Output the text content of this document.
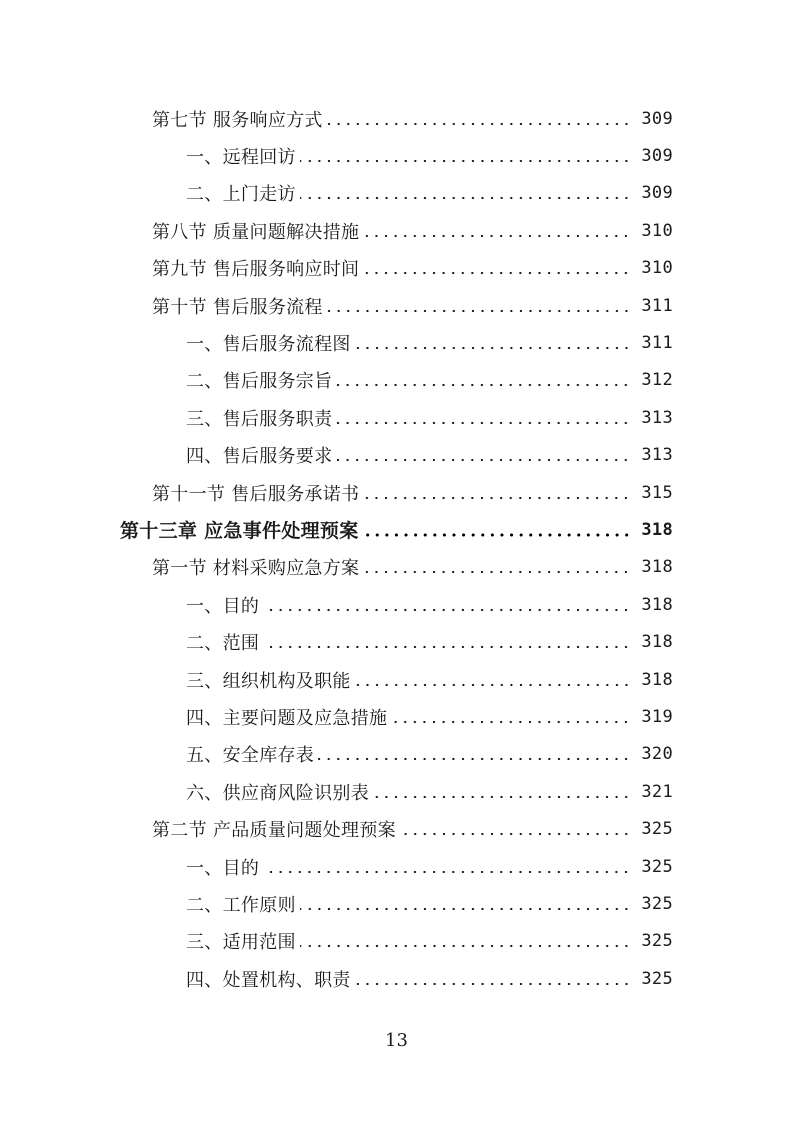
第七节 服务响应方式	309
一、远程回访	309
二、上门走访	309
第八节 质量问题解决措施	310
第九节 售后服务响应时间	310
第十节 售后服务流程	311
一、售后服务流程图	311
二、售后服务宗旨	312
三、售后服务职责	313
四、售后服务要求	313
第十一节 售后服务承诺书	315
第十三章 应急事件处理预案	318
第一节 材料采购应急方案	318
一、目的	318
二、范围	318
三、组织机构及职能	318
四、主要问题及应急措施	319
五、安全库存表	320
六、供应商风险识别表	321
第二节 产品质量问题处理预案	325
一、目的	325
二、工作原则	325
三、适用范围	325
四、处置机构、职责	325
13
